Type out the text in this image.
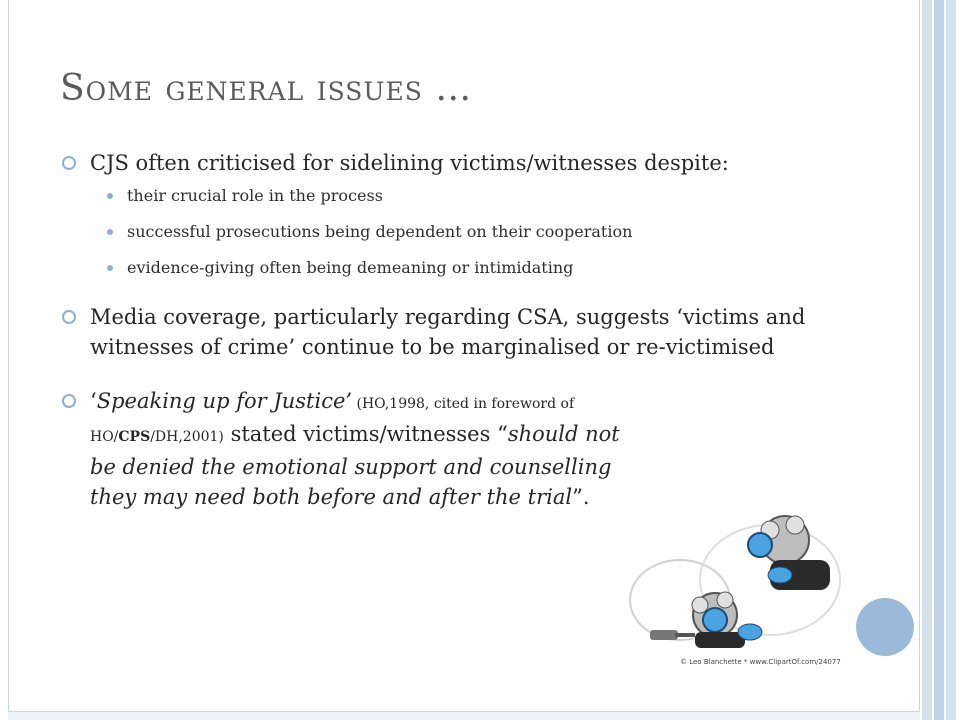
Some general issues …
CJS often criticised for sidelining victims/witnesses despite:
their crucial role in the process
successful prosecutions being dependent on their cooperation
evidence-giving often being demeaning or intimidating
Media coverage, particularly regarding CSA, suggests ‘victims and witnesses of crime’ continue to be marginalised or re-victimised
‘Speaking up for Justice’ (HO,1998, cited in foreword of HO/CPS/DH,2001) stated victims/witnesses “should not be denied the emotional support and counselling they may need both before and after the trial”.
© Leo Blanchette * www.ClipartOf.com/24077
